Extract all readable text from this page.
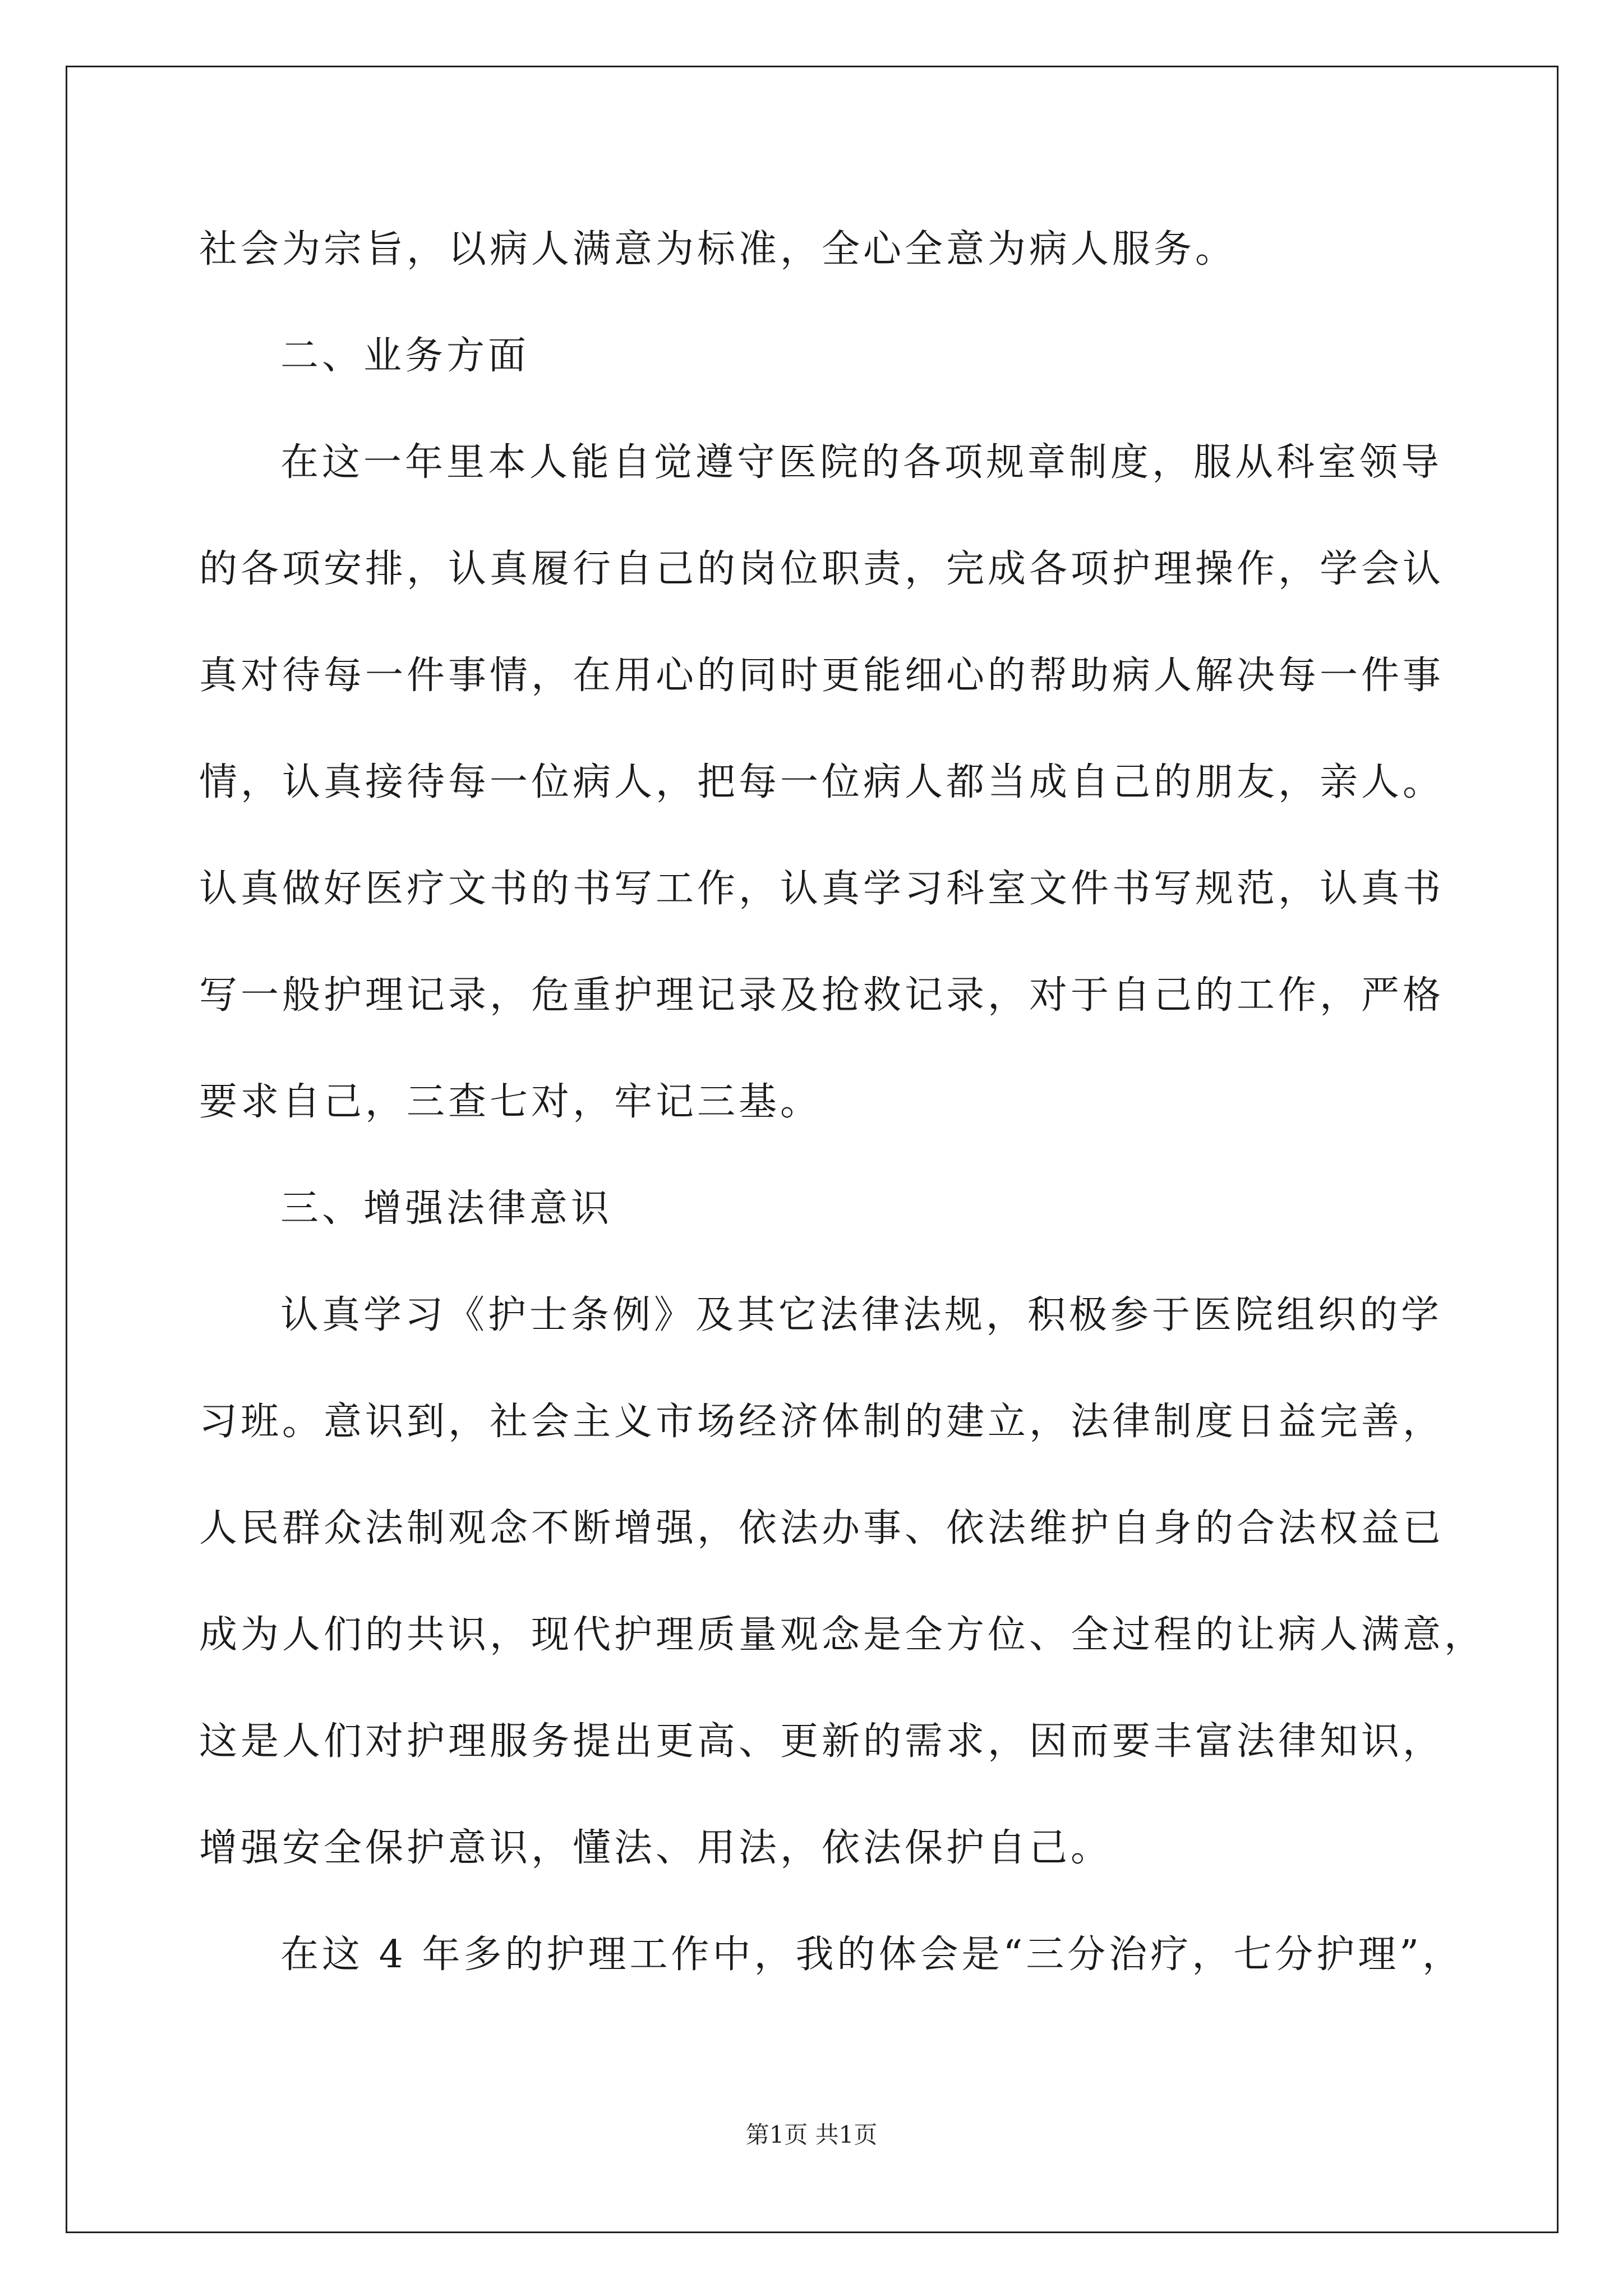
社会为宗旨，以病人满意为标准，全心全意为病人服务。
二、业务方面
在这一年里本人能自觉遵守医院的各项规章制度，服从科室领导
的各项安排，认真履行自己的岗位职责，完成各项护理操作，学会认
真对待每一件事情，在用心的同时更能细心的帮助病人解决每一件事
情，认真接待每一位病人，把每一位病人都当成自己的朋友，亲人。
认真做好医疗文书的书写工作，认真学习科室文件书写规范，认真书
写一般护理记录，危重护理记录及抢救记录，对于自己的工作，严格
要求自己，三查七对，牢记三基。
三、增强法律意识
认真学习《护士条例》及其它法律法规，积极参于医院组织的学
习班。意识到，社会主义市场经济体制的建立，法律制度日益完善，
人民群众法制观念不断增强，依法办事、依法维护自身的合法权益已
成为人们的共识，现代护理质量观念是全方位、全过程的让病人满意，
这是人们对护理服务提出更高、更新的需求，因而要丰富法律知识，
增强安全保护意识，懂法、用法，依法保护自己。
在这 4 年多的护理工作中，我的体会是“三分治疗，七分护理”，
第1页 共1页
